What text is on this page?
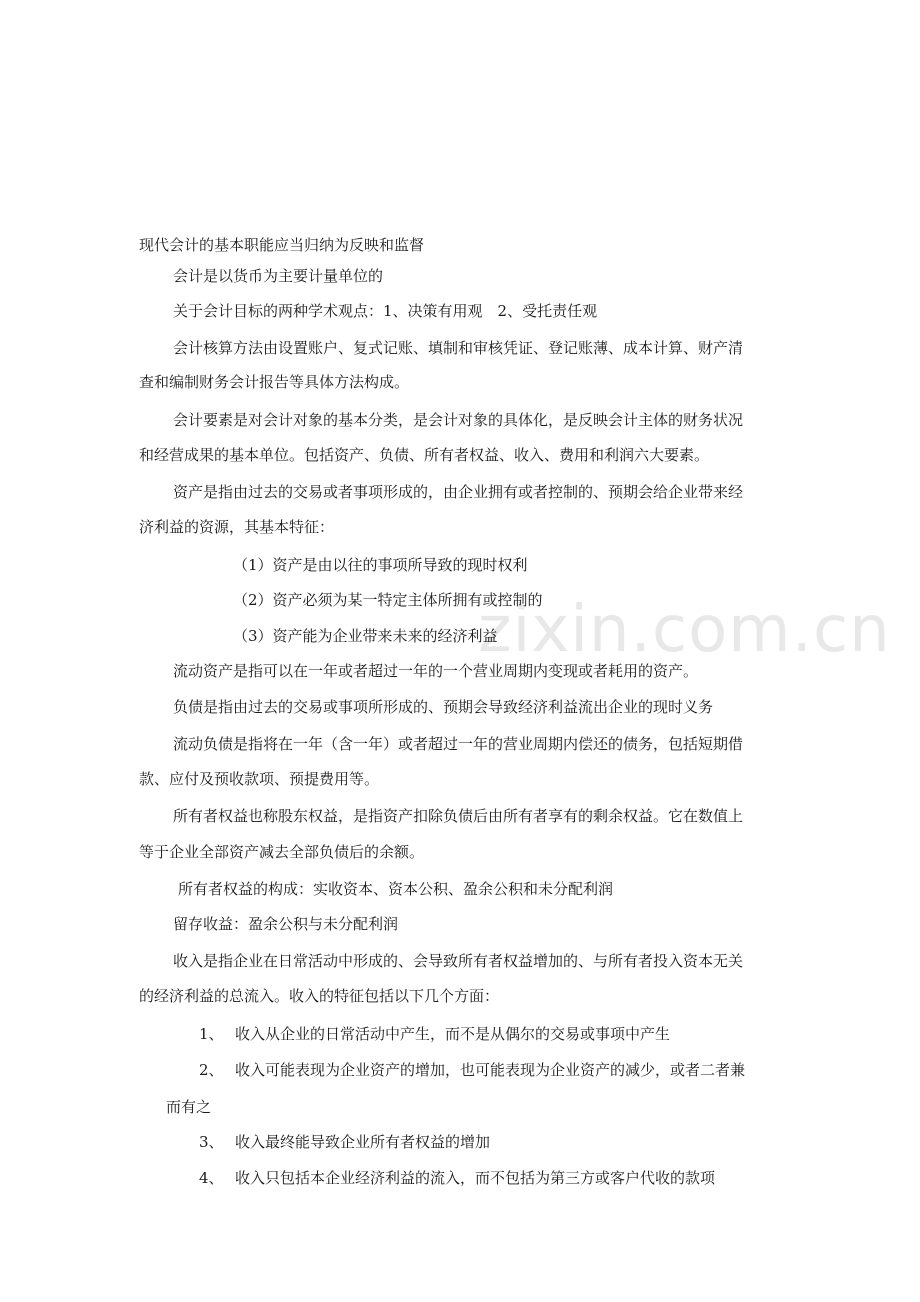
zixin.com.cn
现代会计的基本职能应当归纳为反映和监督
会计是以货币为主要计量单位的
关于会计目标的两种学术观点：1、决策有用观　2、受托责任观
会计核算方法由设置账户、复式记账、填制和审核凭证、登记账薄、成本计算、财产清
查和编制财务会计报告等具体方法构成。
会计要素是对会计对象的基本分类，是会计对象的具体化，是反映会计主体的财务状况
和经营成果的基本单位。包括资产、负债、所有者权益、收入、费用和利润六大要素。
资产是指由过去的交易或者事项形成的，由企业拥有或者控制的、预期会给企业带来经
济利益的资源，其基本特征：
（1）资产是由以往的事项所导致的现时权利
（2）资产必须为某一特定主体所拥有或控制的
（3）资产能为企业带来未来的经济利益
流动资产是指可以在一年或者超过一年的一个营业周期内变现或者耗用的资产。
负债是指由过去的交易或事项所形成的、预期会导致经济利益流出企业的现时义务
流动负债是指将在一年（含一年）或者超过一年的营业周期内偿还的债务，包括短期借
款、应付及预收款项、预提费用等。
所有者权益也称股东权益，是指资产扣除负债后由所有者享有的剩余权益。它在数值上
等于企业全部资产减去全部负债后的余额。
所有者权益的构成：实收资本、资本公积、盈余公积和未分配利润
留存收益：盈余公积与未分配利润
收入是指企业在日常活动中形成的、会导致所有者权益增加的、与所有者投入资本无关
的经济利益的总流入。收入的特征包括以下几个方面：
1、 收入从企业的日常活动中产生，而不是从偶尔的交易或事项中产生
2、 收入可能表现为企业资产的增加，也可能表现为企业资产的减少，或者二者兼
而有之
3、 收入最终能导致企业所有者权益的增加
4、 收入只包括本企业经济利益的流入，而不包括为第三方或客户代收的款项
